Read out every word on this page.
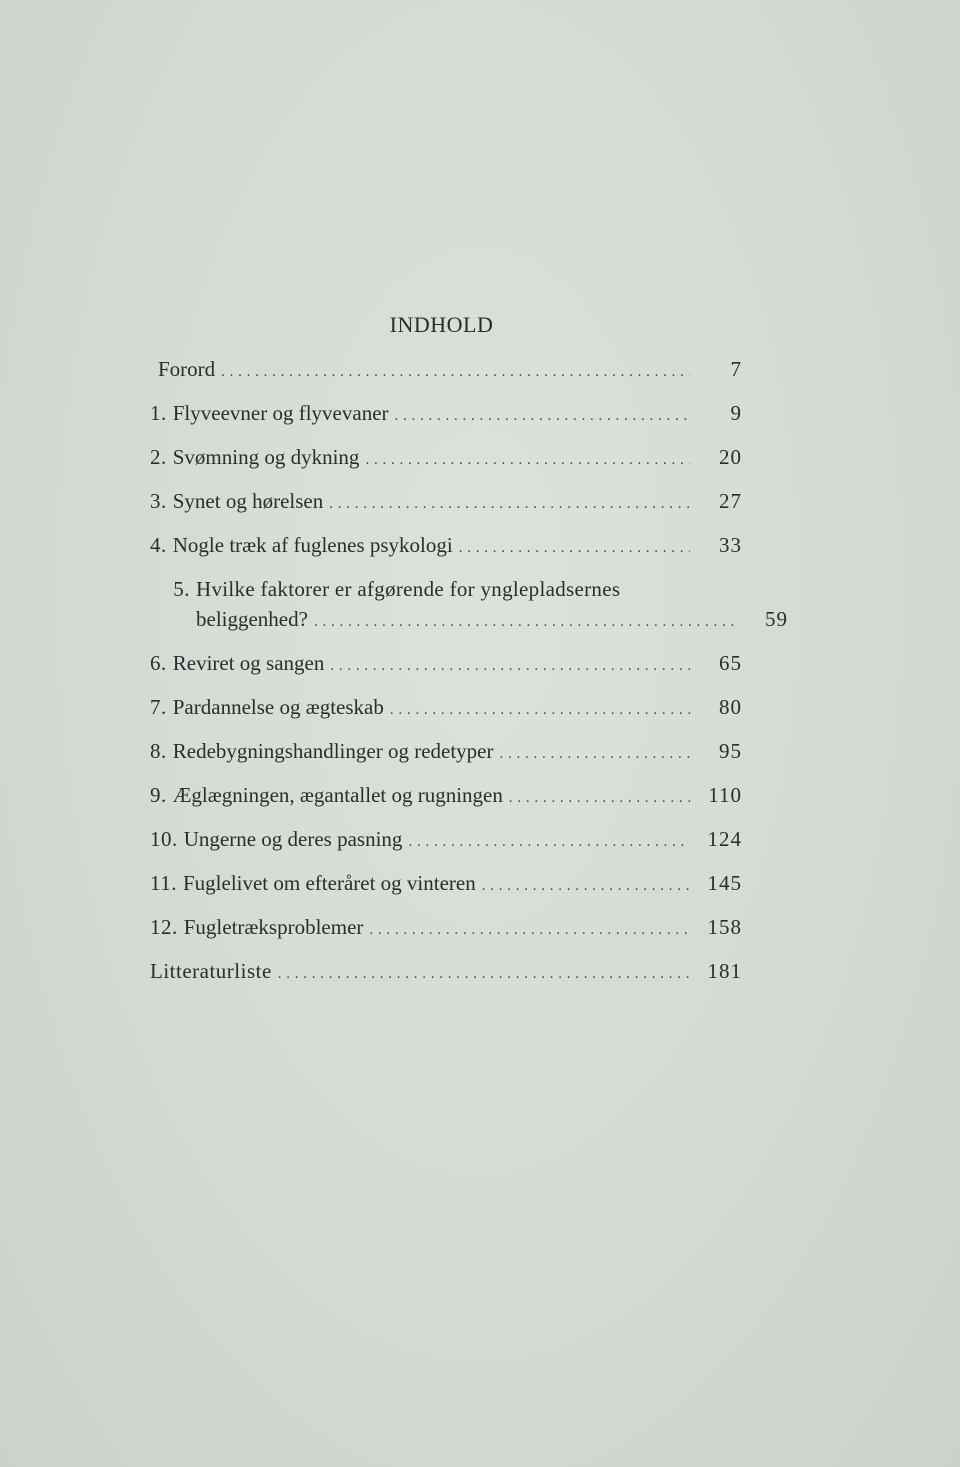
INDHOLD
Forord . . .	7
1. Flyveevner og flyvevaner . . .	9
2. Svømning og dykning . . .	20
3. Synet og hørelsen . . .	27
4. Nogle træk af fuglenes psykologi . . .	33
5. Hvilke faktorer er afgørende for ynglepladsernes
beliggenhed? . . .	59
6. Reviret og sangen . . .	65
7. Pardannelse og ægteskab . . .	80
8. Redebygningshandlinger og redetyper . . .	95
9. Æglægningen, ægantallet og rugningen . . .	110
10. Ungerne og deres pasning . . .	124
11. Fuglelivet om efteråret og vinteren . . .	145
12. Fugletræksproblemer . . .	158
Litteraturliste . . .	181
